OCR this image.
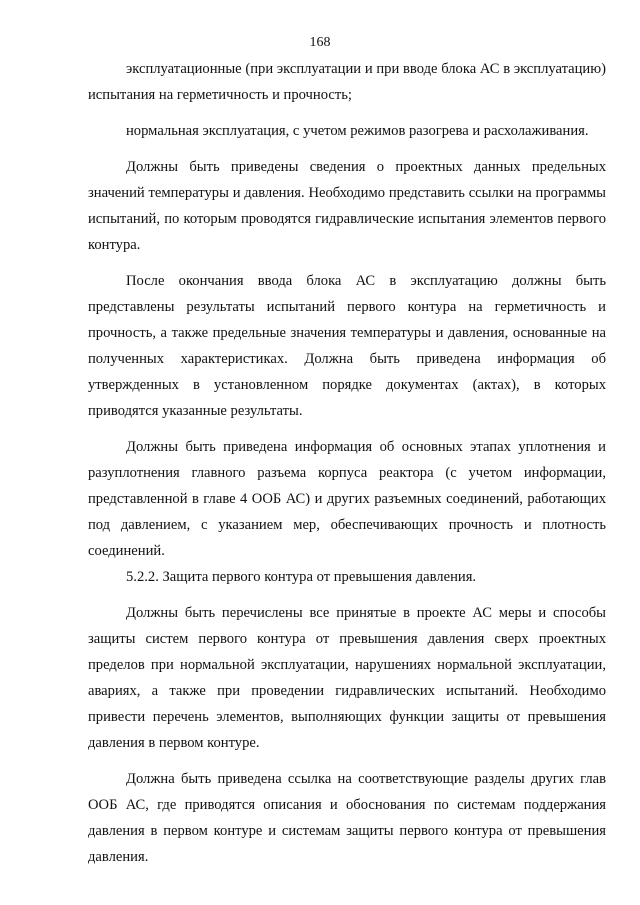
168

эксплуатационные (при эксплуатации и при вводе блока АС в эксплуатацию) испытания на герметичность и прочность;

нормальная эксплуатация, с учетом режимов разогрева и расхолаживания.

Должны быть приведены сведения о проектных данных предельных значений температуры и давления. Необходимо представить ссылки на программы испытаний, по которым проводятся гидравлические испытания элементов первого контура.

После окончания ввода блока АС в эксплуатацию должны быть представлены результаты испытаний первого контура на герметичность и прочность, а также предельные значения температуры и давления, основанные на полученных характеристиках. Должна быть приведена информация об утвержденных в установленном порядке документах (актах), в которых приводятся указанные результаты.

Должны быть приведена информация об основных этапах уплотнения и разуплотнения главного разъема корпуса реактора (с учетом информации, представленной в главе 4 ООБ АС) и других разъемных соединений, работающих под давлением, с указанием мер, обеспечивающих прочность и плотность соединений.

5.2.2. Защита первого контура от превышения давления.

Должны быть перечислены все принятые в проекте АС меры и способы защиты систем первого контура от превышения давления сверх проектных пределов при нормальной эксплуатации, нарушениях нормальной эксплуатации, авариях, а также при проведении гидравлических испытаний. Необходимо привести перечень элементов, выполняющих функции защиты от превышения давления в первом контуре.

Должна быть приведена ссылка на соответствующие разделы других глав ООБ АС, где приводятся описания и обоснования по системам поддержания давления в первом контуре и системам защиты первого контура от превышения давления.
